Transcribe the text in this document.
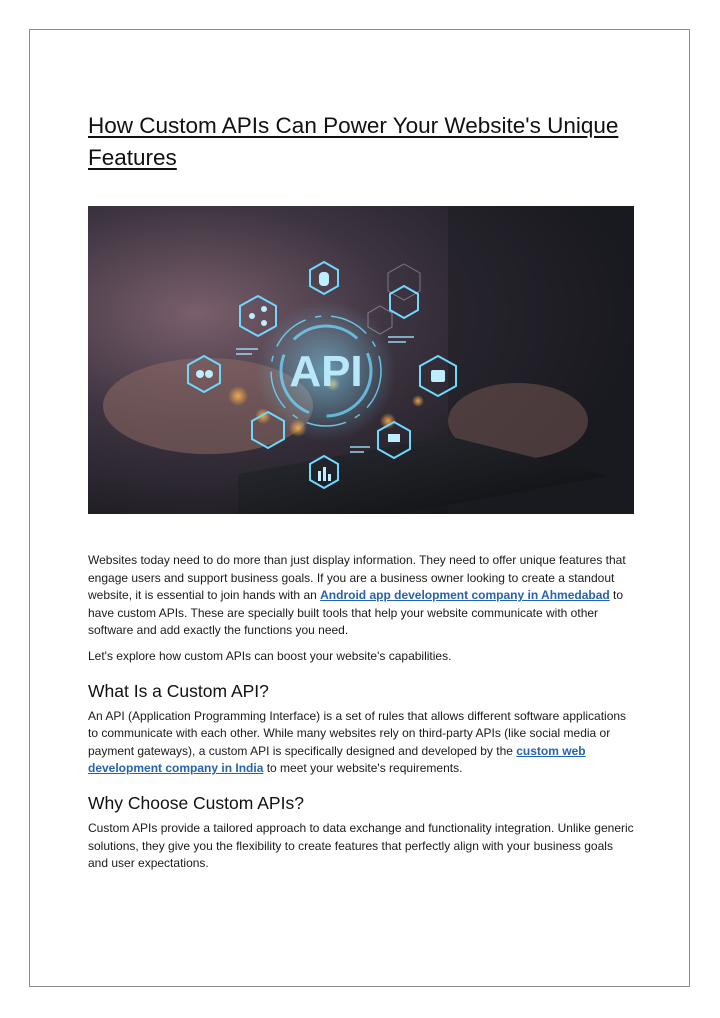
How Custom APIs Can Power Your Website's Unique Features
API

Websites today need to do more than just display information. They need to offer unique features that engage users and support business goals. If you are a business owner looking to create a standout website, it is essential to join hands with an Android app development company in Ahmedabad to have custom APIs. These are specially built tools that help your website communicate with other software and add exactly the functions you need.

Let's explore how custom APIs can boost your website's capabilities.

What Is a Custom API?

An API (Application Programming Interface) is a set of rules that allows different software applications to communicate with each other. While many websites rely on third-party APIs (like social media or payment gateways), a custom API is specifically designed and developed by the custom web development company in India to meet your website's requirements.

Why Choose Custom APIs?

Custom APIs provide a tailored approach to data exchange and functionality integration. Unlike generic solutions, they give you the flexibility to create features that perfectly align with your business goals and user expectations.
